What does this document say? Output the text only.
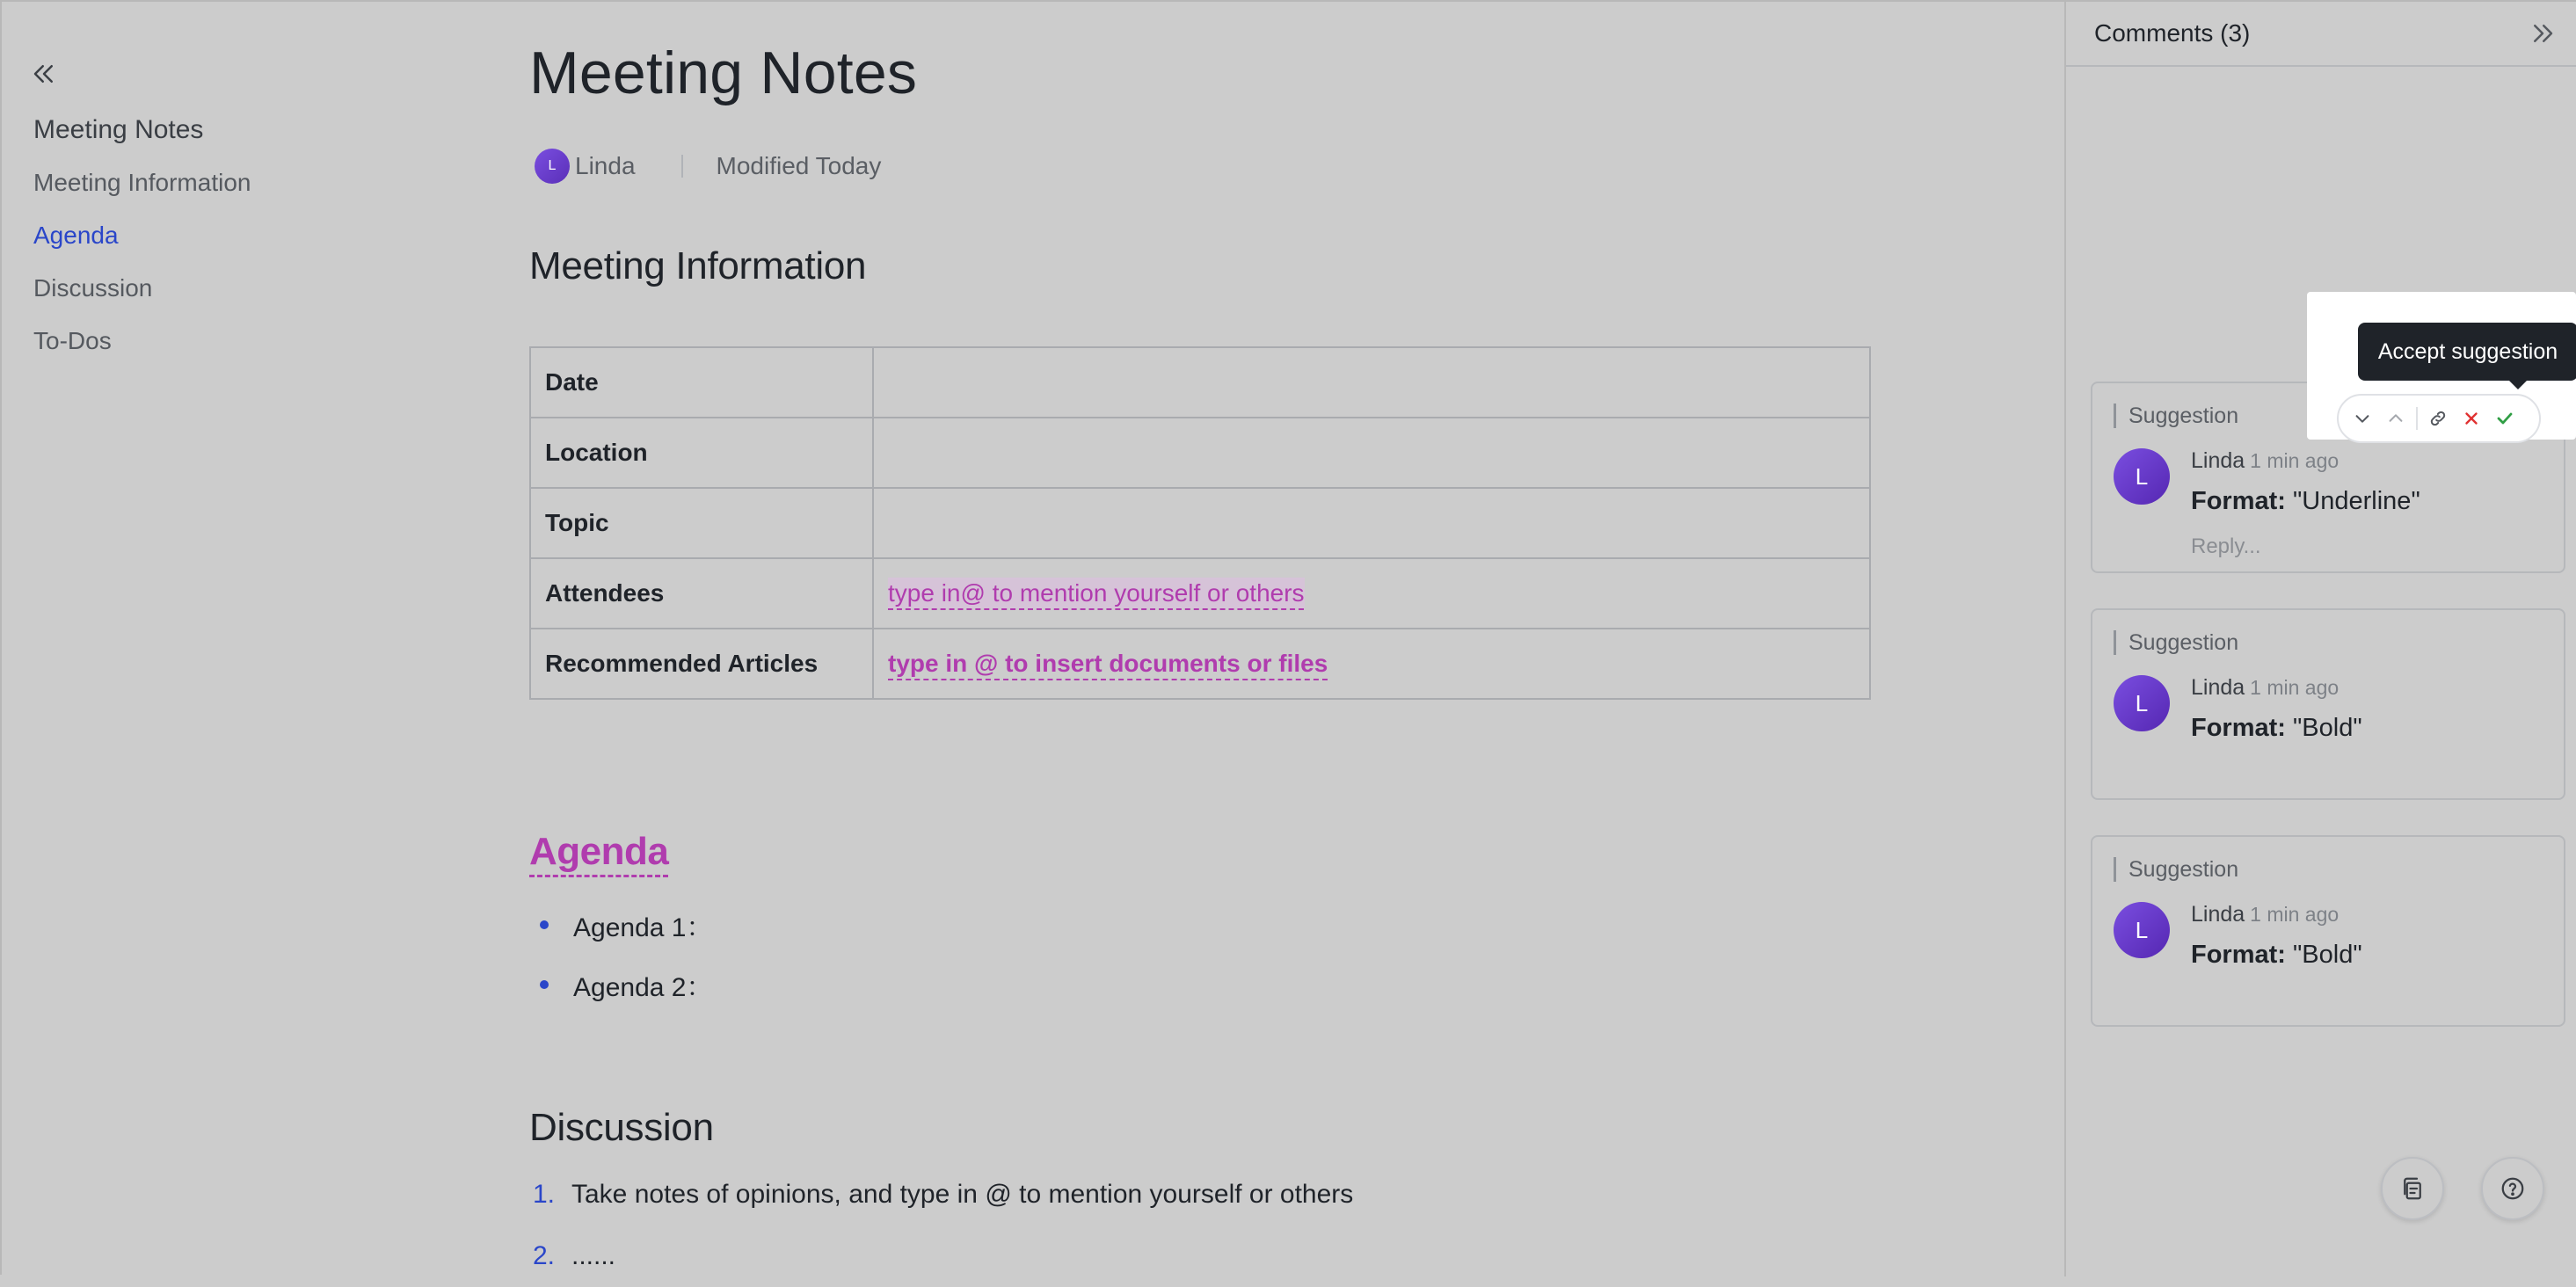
Meeting Notes
Meeting Information
Agenda
Discussion
To-Dos
Meeting Notes
L Linda	Modified Today
Meeting Information
Date	
Location	
Topic	
Attendees	type in@ to mention yourself or others
Recommended Articles	type in @ to insert documents or files
Agenda
Agenda 1：
Agenda 2：
Discussion
1. Take notes of opinions, and type in @ to mention yourself or others
2. ......
Comments (3)
Suggestion
L
Linda 1 min ago
Format: "Underline"
Reply...
Suggestion
L
Linda 1 min ago
Format: "Bold"
Suggestion
L
Linda 1 min ago
Format: "Bold"
Accept suggestion
